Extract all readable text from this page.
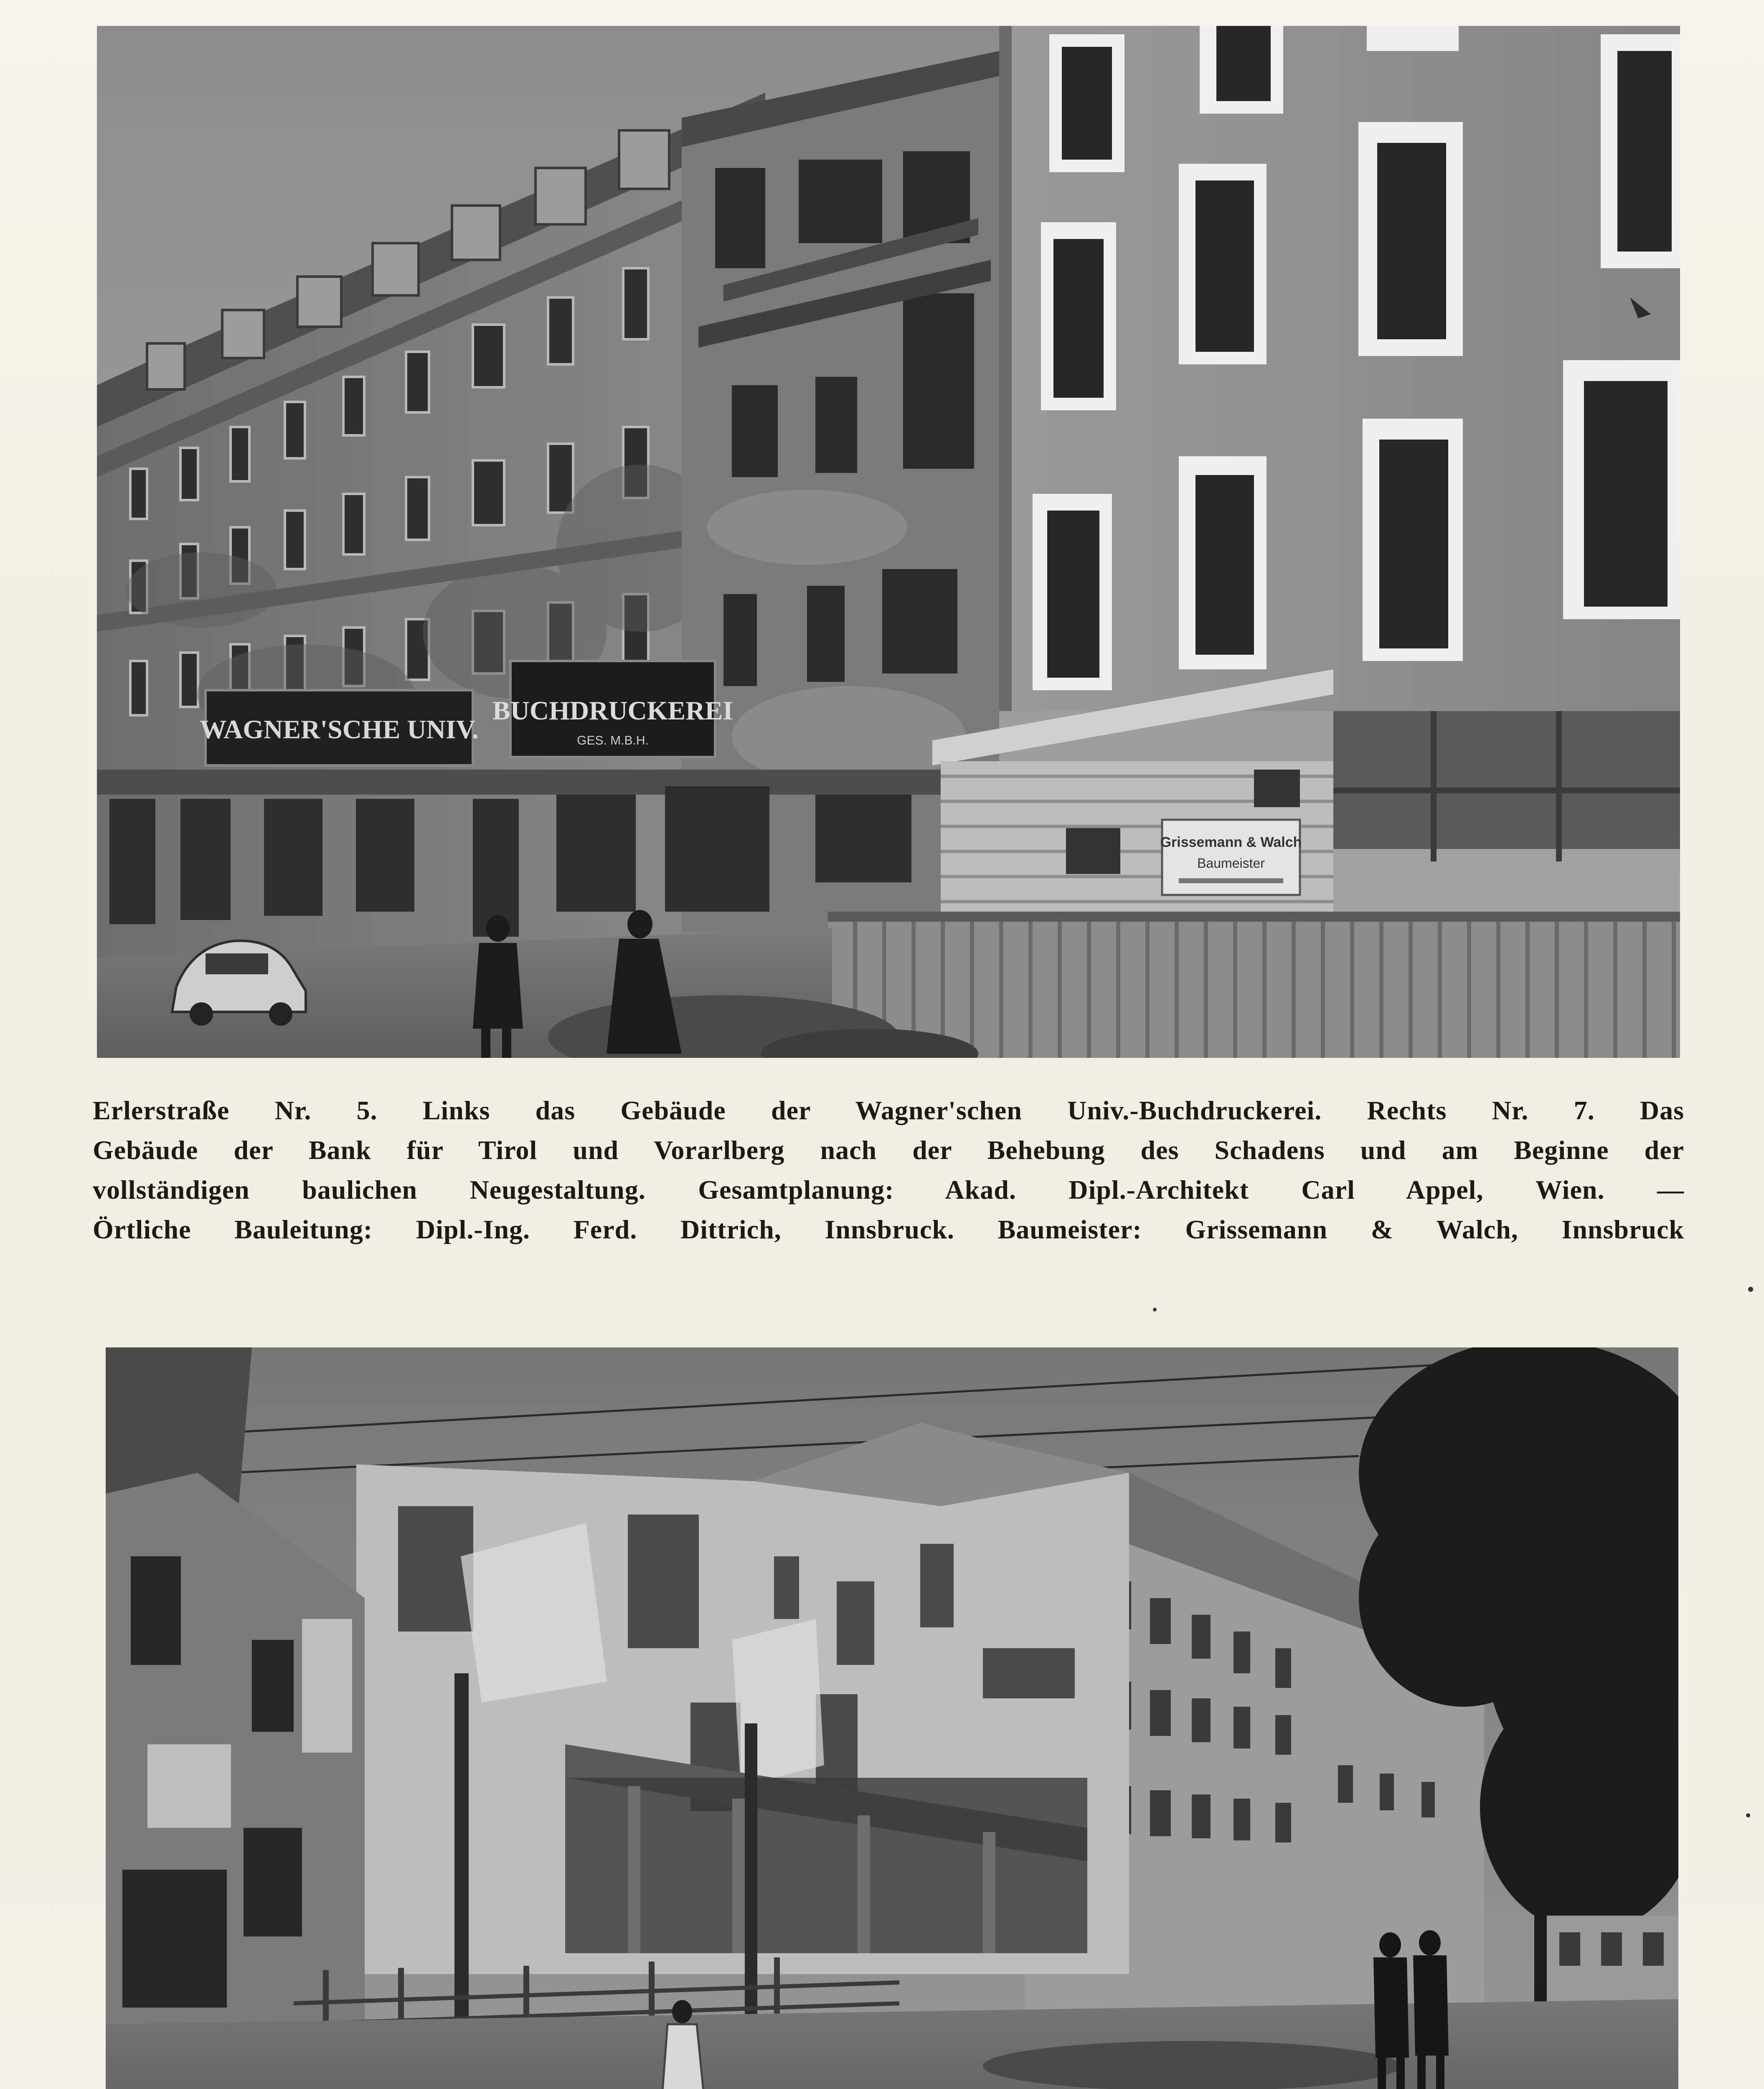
WAGNER'SCHE UNIV.
BUCHDRUCKEREI
GES. M.B.H.
Grissemann & Walch
Baumeister
Erlerstraße Nr. 5. Links das Gebäude der Wagner'schen Univ.-Buchdruckerei. Rechts Nr. 7. Das
Gebäude der Bank für Tirol und Vorarlberg nach der Behebung des Schadens und am Beginne der
vollständigen baulichen Neugestaltung. Gesamtplanung: Akad. Dipl.-Architekt Carl Appel, Wien. —
Örtliche Bauleitung: Dipl.-Ing. Ferd. Dittrich, Innsbruck. Baumeister: Grissemann & Walch, Innsbruck
